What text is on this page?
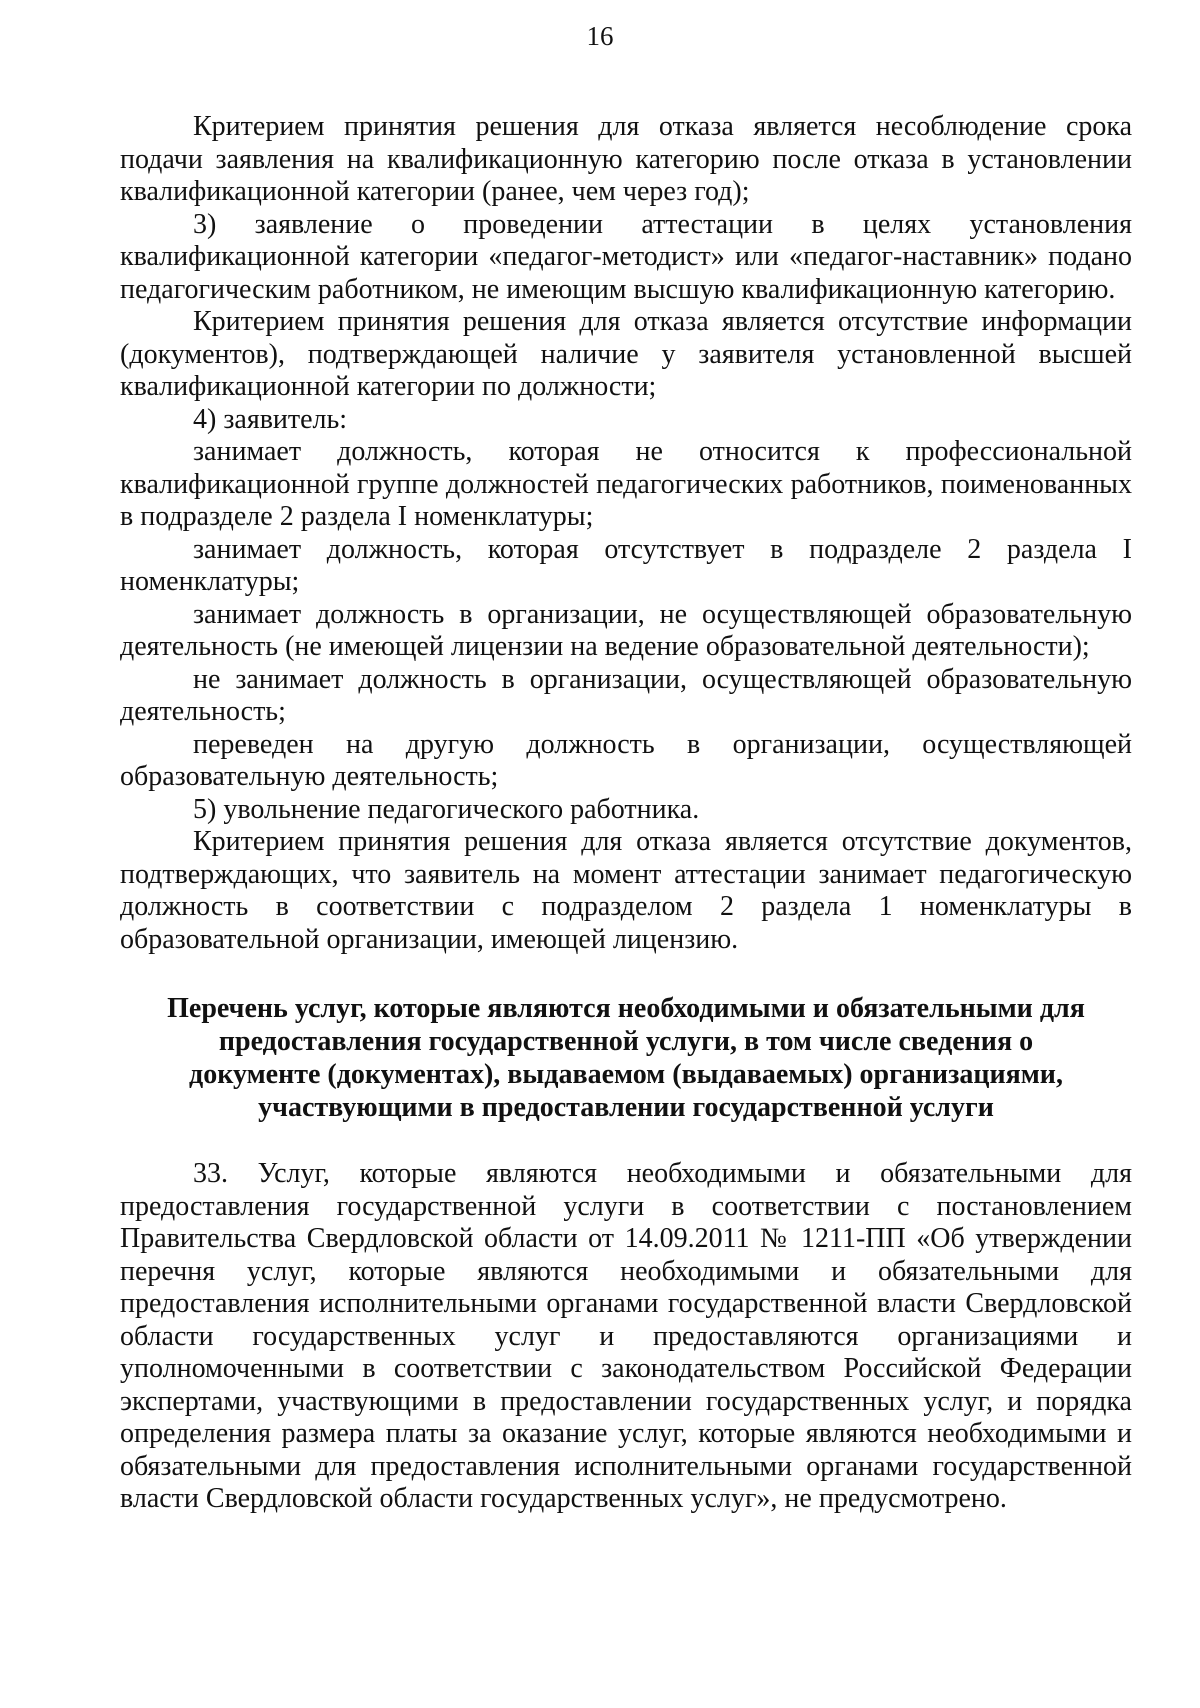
16

Критерием принятия решения для отказа является несоблюдение срока подачи заявления на квалификационную категорию после отказа в установлении квалификационной категории (ранее, чем через год);

3) заявление о проведении аттестации в целях установления квалификационной категории «педагог-методист» или «педагог-наставник» подано педагогическим работником, не имеющим высшую квалификационную категорию.

Критерием принятия решения для отказа является отсутствие информации (документов), подтверждающей наличие у заявителя установленной высшей квалификационной категории по должности;

4) заявитель:

занимает должность, которая не относится к профессиональной квалификационной группе должностей педагогических работников, поименованных в подразделе 2 раздела I номенклатуры;

занимает должность, которая отсутствует в подразделе 2 раздела I номенклатуры;

занимает должность в организации, не осуществляющей образовательную деятельность (не имеющей лицензии на ведение образовательной деятельности);

не занимает должность в организации, осуществляющей образовательную деятельность;

переведен на другую должность в организации, осуществляющей образовательную деятельность;

5) увольнение педагогического работника.

Критерием принятия решения для отказа является отсутствие документов, подтверждающих, что заявитель на момент аттестации занимает педагогическую должность в соответствии с подразделом 2 раздела 1 номенклатуры в образовательной организации, имеющей лицензию.

Перечень услуг, которые являются необходимыми и обязательными для предоставления государственной услуги, в том числе сведения о документе (документах), выдаваемом (выдаваемых) организациями, участвующими в предоставлении государственной услуги

33. Услуг, которые являются необходимыми и обязательными для предоставления государственной услуги в соответствии с постановлением Правительства Свердловской области от 14.09.2011 № 1211-ПП «Об утверждении перечня услуг, которые являются необходимыми и обязательными для предоставления исполнительными органами государственной власти Свердловской области государственных услуг и предоставляются организациями и уполномоченными в соответствии с законодательством Российской Федерации экспертами, участвующими в предоставлении государственных услуг, и порядка определения размера платы за оказание услуг, которые являются необходимыми и обязательными для предоставления исполнительными органами государственной власти Свердловской области государственных услуг», не предусмотрено.
